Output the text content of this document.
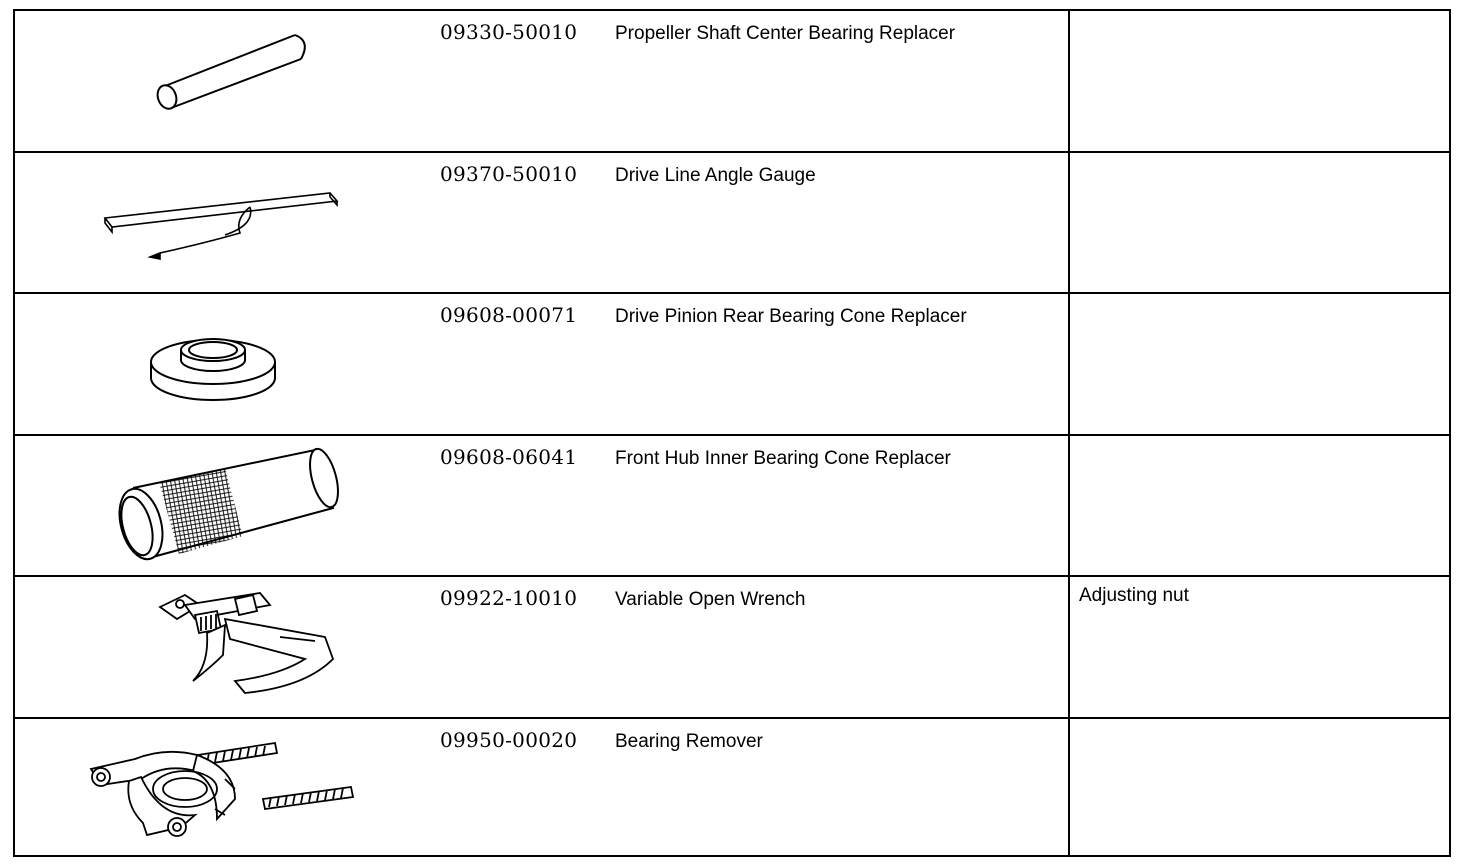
09330-50010 Propeller Shaft Center Bearing Replacer
09370-50010 Drive Line Angle Gauge
09608-00071 Drive Pinion Rear Bearing Cone Replacer
09608-06041 Front Hub Inner Bearing Cone Replacer
09922-10010 Variable Open Wrench	Adjusting nut
09950-00020 Bearing Remover
